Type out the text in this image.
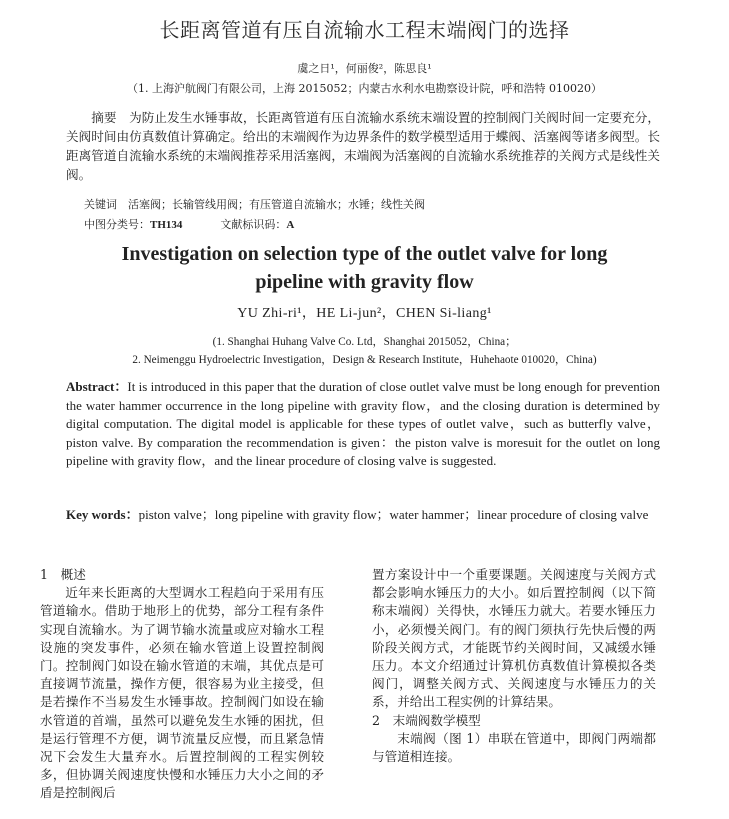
长距离管道有压自流输水工程末端阀门的选择
虞之日¹，何丽俊²，陈思良¹
（1. 上海沪航阀门有限公司，上海 2015052；内蒙古水利水电勘察设计院，呼和浩特 010020）

摘要　 为防止发生水锤事故，长距离管道有压自流输水系统末端设置的控制阀门关阀时间一定要充分，关阀时间由仿真数值计算确定。给出的末端阀作为边界条件的数学模型适用于蝶阀、活塞阀等诸多阀型。长距离管道自流输水系统的末端阀推荐采用活塞阀，末端阀为活塞阀的自流输水系统推荐的关阀方式是线性关阀。

关键词　 活塞阀；长输管线用阀；有压管道自流输水；水锤；线性关阀
中图分类号：TH134	文献标识码：A
Investigation on selection type of the outlet valve for long
pipeline with gravity flow
YU Zhi-ri¹，HE Li-jun²，CHEN Si-liang¹
(1. Shanghai Huhang Valve Co. Ltd，Shanghai 2015052，China；
2. Neimenggu Hydroelectric Investigation，Design & Research Institute，Huhehaote 010020，China)

Abstract：It is introduced in this paper that the duration of close outlet valve must be long enough for prevention the water hammer occurrence in the long pipeline with gravity flow，and the closing duration is determined by digital computation. The digital model is applicable for these types of outlet valve，such as butterfly valve，piston valve. By comparation the recommendation is given：the piston valve is moresuit for the outlet on long pipeline with gravity flow，and the linear procedure of closing valve is suggested.

Key words：piston valve；long pipeline with gravity flow；water hammer；linear procedure of closing valve

1　概述

近年来长距离的大型调水工程趋向于采用有压管道输水。借助于地形上的优势，部分工程有条件实现自流输水。为了调节输水流量或应对输水工程设施的突发事件，必须在输水管道上设置控制阀门。控制阀门如设在输水管道的末端，其优点是可直接调节流量，操作方便，很容易为业主接受，但是若操作不当易发生水锤事故。控制阀门如设在输水管道的首端，虽然可以避免发生水锤的困扰，但是运行管理不方便，调节流量反应慢，而且紧急情况下会发生大量弃水。后置控制阀的工程实例较多，但协调关阀速度快慢和水锤压力大小之间的矛盾是控制阀后

置方案设计中一个重要课题。关阀速度与关阀方式都会影响水锤压力的大小。如后置控制阀（以下简称末端阀）关得快，水锤压力就大。若要水锤压力小，必须慢关阀门。有的阀门须执行先快后慢的两阶段关阀方式，才能既节约关阀时间，又减缓水锤压力。本文介绍通过计算机仿真数值计算模拟各类阀门，调整关阀方式、关阀速度与水锤压力的关系，并给出工程实例的计算结果。

2　末端阀数学模型

末端阀（图 1）串联在管道中，即阀门两端都与管道相连接。
